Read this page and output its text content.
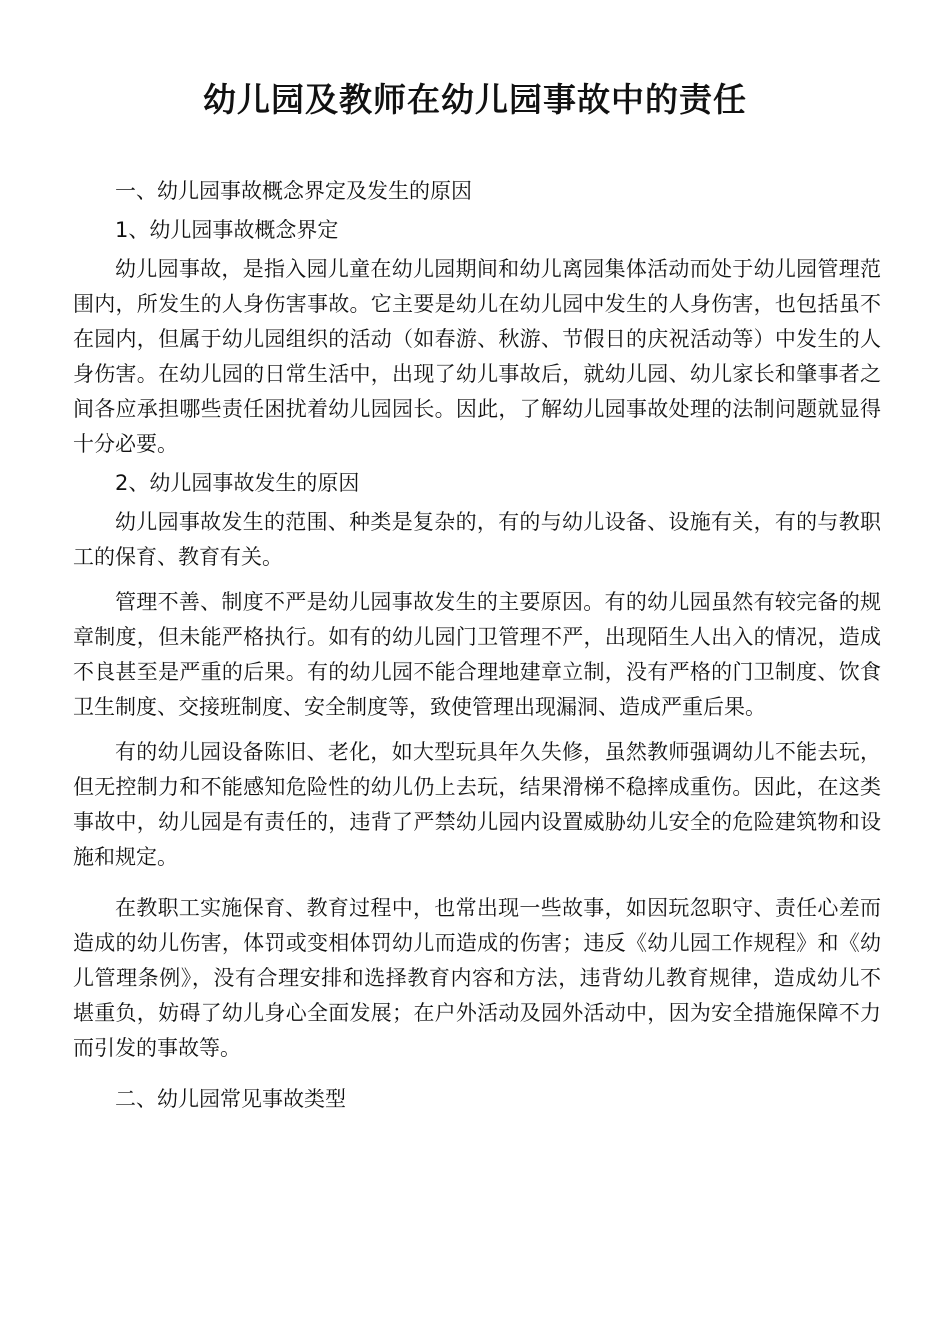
幼儿园及教师在幼儿园事故中的责任

一、幼儿园事故概念界定及发生的原因

1、幼儿园事故概念界定

幼儿园事故，是指入园儿童在幼儿园期间和幼儿离园集体活动而处于幼儿园管理范围内，所发生的人身伤害事故。它主要是幼儿在幼儿园中发生的人身伤害，也包括虽不在园内，但属于幼儿园组织的活动（如春游、秋游、节假日的庆祝活动等）中发生的人身伤害。在幼儿园的日常生活中，出现了幼儿事故后，就幼儿园、幼儿家长和肇事者之间各应承担哪些责任困扰着幼儿园园长。因此，了解幼儿园事故处理的法制问题就显得十分必要。

2、幼儿园事故发生的原因

幼儿园事故发生的范围、种类是复杂的，有的与幼儿设备、设施有关，有的与教职工的保育、教育有关。

管理不善、制度不严是幼儿园事故发生的主要原因。有的幼儿园虽然有较完备的规章制度，但未能严格执行。如有的幼儿园门卫管理不严，出现陌生人出入的情况，造成不良甚至是严重的后果。有的幼儿园不能合理地建章立制，没有严格的门卫制度、饮食卫生制度、交接班制度、安全制度等，致使管理出现漏洞、造成严重后果。

有的幼儿园设备陈旧、老化，如大型玩具年久失修，虽然教师强调幼儿不能去玩，但无控制力和不能感知危险性的幼儿仍上去玩，结果滑梯不稳摔成重伤。因此，在这类事故中，幼儿园是有责任的，违背了严禁幼儿园内设置威胁幼儿安全的危险建筑物和设施和规定。

在教职工实施保育、教育过程中，也常出现一些故事，如因玩忽职守、责任心差而造成的幼儿伤害，体罚或变相体罚幼儿而造成的伤害；违反《幼儿园工作规程》和《幼儿管理条例》，没有合理安排和选择教育内容和方法，违背幼儿教育规律，造成幼儿不堪重负，妨碍了幼儿身心全面发展；在户外活动及园外活动中，因为安全措施保障不力而引发的事故等。

二、幼儿园常见事故类型
